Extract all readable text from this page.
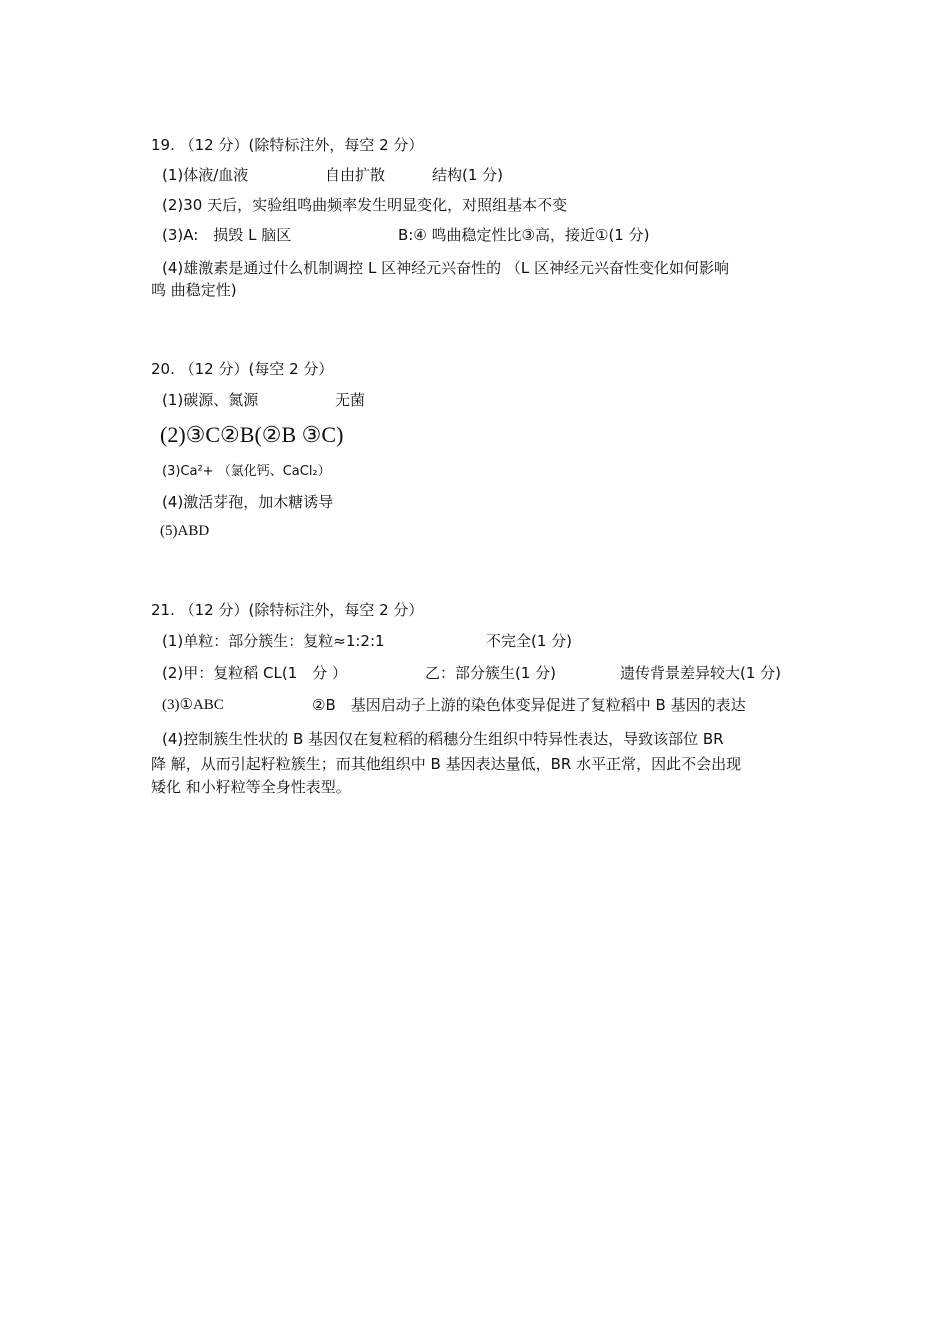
19. （12 分）(除特标注外，每空 2 分）
(1)体液/血液	自由扩散	结构(1 分)
(2)30 天后，实验组鸣曲频率发生明显变化，对照组基本不变
(3)A:　损毁 L 脑区	B:④ 鸣曲稳定性比③高，接近①(1 分)
(4)雄激素是通过什么机制调控 L 区神经元兴奋性的 （L 区神经元兴奋性变化如何影响
鸣 曲稳定性)
20. （12 分）(每空 2 分）
(1)碳源、氮源	无菌
(2)③C②B(②B ③C)
(3)Ca²+ （氯化钙、CaCl₂）
(4)激活芽孢，加木糖诱导
(5)ABD
21. （12 分）(除特标注外，每空 2 分）
(1)单粒：部分簇生：复粒≈1:2:1	不完全(1 分)
(2)甲：复粒稻 CL(1　分 ）	乙：部分簇生(1 分)	遗传背景差异较大(1 分)
(3)①ABC	②B　基因启动子上游的染色体变异促进了复粒稻中 B 基因的表达
(4)控制簇生性状的 B 基因仅在复粒稻的稻穗分生组织中特异性表达，导致该部位 BR
降 解，从而引起籽粒簇生；而其他组织中 B 基因表达量低，BR 水平正常，因此不会出现
矮化 和小籽粒等全身性表型。
